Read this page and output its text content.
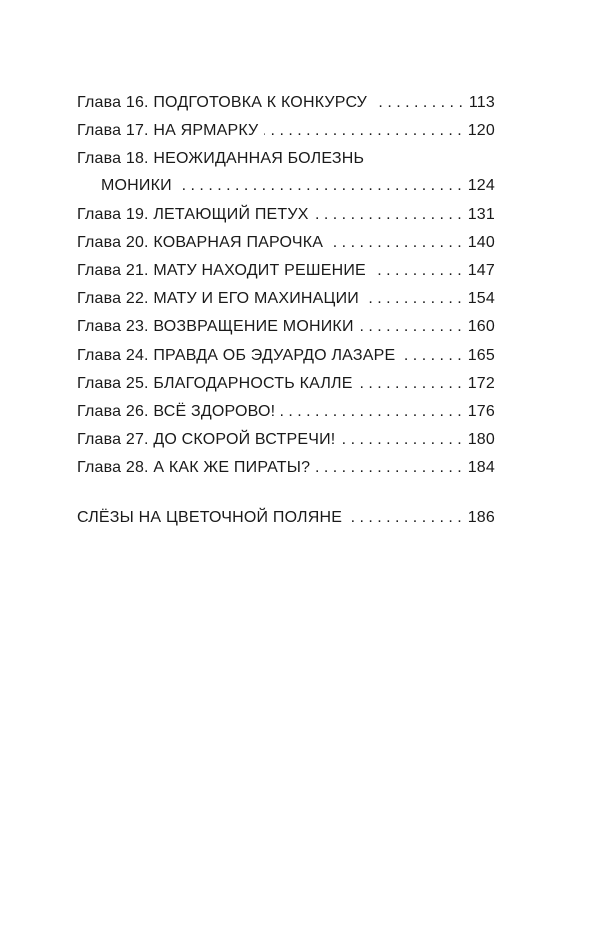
Глава 16. ПОДГОТОВКА К КОНКУРСУ . . .	113
Глава 17. НА ЯРМАРКУ . . .	120
Глава 18. НЕОЖИДАННАЯ БОЛЕЗНЬ
МОНИКИ . . .	124
Глава 19. ЛЕТАЮЩИЙ ПЕТУХ . . .	131
Глава 20. КОВАРНАЯ ПАРОЧКА . . .	140
Глава 21. МАТУ НАХОДИТ РЕШЕНИЕ . . .	147
Глава 22. МАТУ И ЕГО МАХИНАЦИИ . . .	154
Глава 23. ВОЗВРАЩЕНИЕ МОНИКИ . . .	160
Глава 24. ПРАВДА ОБ ЭДУАРДО ЛАЗАРЕ . . .	165
Глава 25. БЛАГОДАРНОСТЬ КАЛЛЕ . . .	172
Глава 26. ВСЁ ЗДОРОВО! . . .	176
Глава 27. ДО СКОРОЙ ВСТРЕЧИ! . . .	180
Глава 28. А КАК ЖЕ ПИРАТЫ? . . .	184
СЛЁЗЫ НА ЦВЕТОЧНОЙ ПОЛЯНЕ . . .	186
